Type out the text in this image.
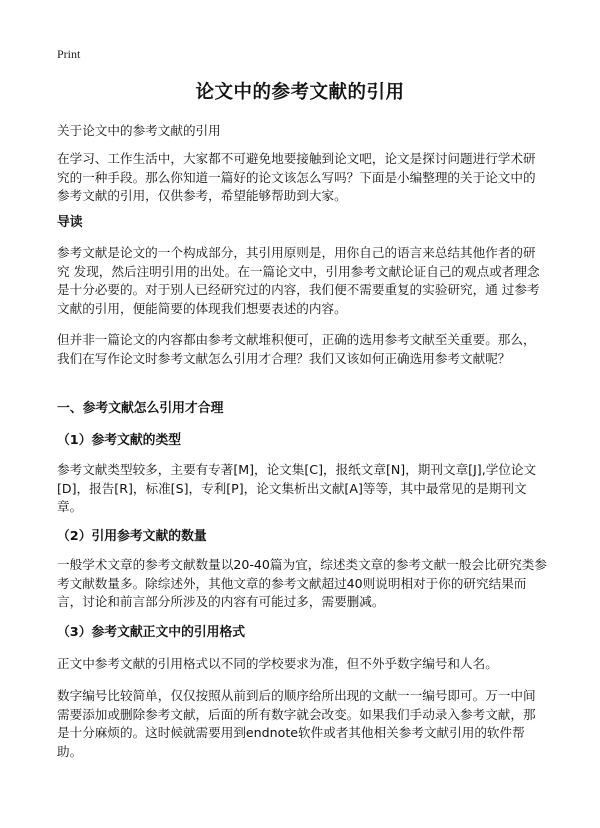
Print
论文中的参考文献的引用
关于论文中的参考文献的引用
在学习、工作生活中，大家都不可避免地要接触到论文吧，论文是探讨问题进行学术研究的一种手段。那么你知道一篇好的论文该怎么写吗？下面是小编整理的关于论文中的参考文献的引用，仅供参考，希望能够帮助到大家。
导读
参考文献是论文的一个构成部分，其引用原则是，用你自己的语言来总结其他作者的研究 发现，然后注明引用的出处。在一篇论文中，引用参考文献论证自己的观点或者理念是十分必要的。对于别人已经研究过的内容，我们便不需要重复的实验研究，通 过参考文献的引用，便能简要的体现我们想要表述的内容。
但并非一篇论文的内容都由参考文献堆积便可，正确的选用参考文献至关重要。那么，我们在写作论文时参考文献怎么引用才合理？我们又该如何正确选用参考文献呢？
一、参考文献怎么引用才合理
（1）参考文献的类型
参考文献类型较多，主要有专著[M]，论文集[C]，报纸文章[N]，期刊文章[J],学位论文[D]，报告[R]，标准[S]，专利[P]，论文集析出文献[A]等等，其中最常见的是期刊文章。
（2）引用参考文献的数量
一般学术文章的参考文献数量以20-40篇为宜，综述类文章的参考文献一般会比研究类参考文献数量多。除综述外，其他文章的参考文献超过40则说明相对于你的研究结果而言，讨论和前言部分所涉及的内容有可能过多，需要删减。
（3）参考文献正文中的引用格式
正文中参考文献的引用格式以不同的学校要求为准，但不外乎数字编号和人名。
数字编号比较简单，仅仅按照从前到后的顺序给所出现的文献一一编号即可。万一中间需要添加或删除参考文献，后面的所有数字就会改变。如果我们手动录入参考文献，那是十分麻烦的。这时候就需要用到endnote软件或者其他相关参考文献引用的软件帮助。
